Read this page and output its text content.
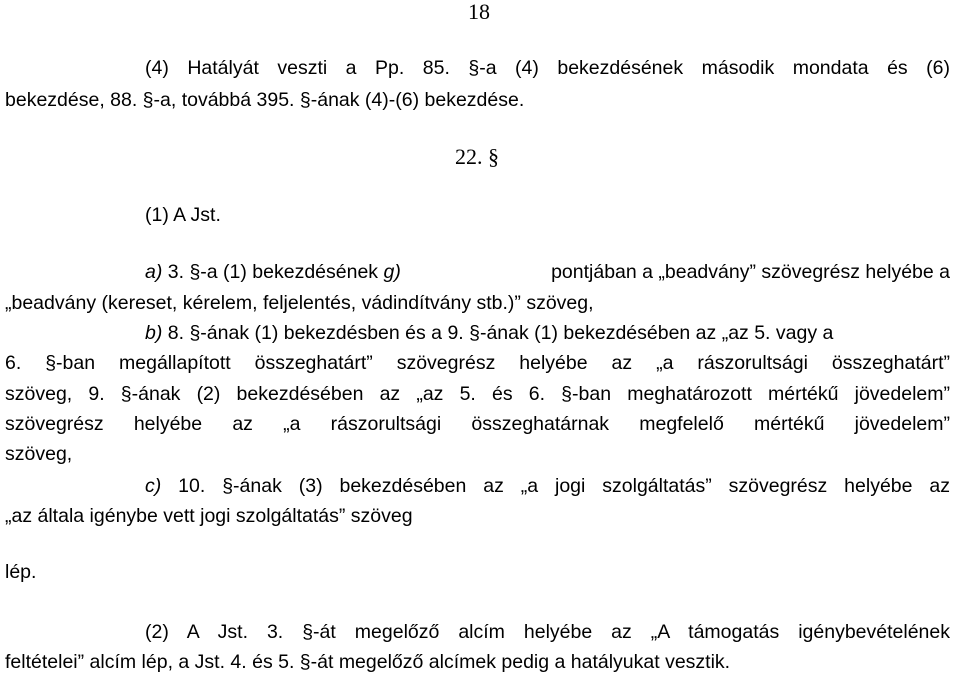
18
(4) Hatályát veszti a Pp. 85. §-a (4) bekezdésének második mondata és (6)
bekezdése, 88. §-a, továbbá 395. §-ának (4)-(6) bekezdése.
22. §
(1) A Jst.
a) 3. §-a (1) bekezdésének g)	pontjában a „beadvány” szövegrész helyébe a
„beadvány (kereset, kérelem, feljelentés, vádindítvány stb.)” szöveg,
b) 8. §-ának (1) bekezdésben és a 9. §-ának (1) bekezdésében az „az 5. vagy a
6. §-ban megállapított összeghatárt” szövegrész helyébe az „a rászorultsági összeghatárt”
szöveg, 9. §-ának (2) bekezdésében az „az 5. és 6. §-ban meghatározott mértékű jövedelem”
szövegrész helyébe az „a rászorultsági összeghatárnak megfelelő mértékű jövedelem”
szöveg,
c) 10. §-ának (3) bekezdésében az „a jogi szolgáltatás” szövegrész helyébe az
„az általa igénybe vett jogi szolgáltatás” szöveg
lép.
(2) A Jst. 3. §-át megelőző alcím helyébe az „A támogatás igénybevételének
feltételei” alcím lép, a Jst. 4. és 5. §-át megelőző alcímek pedig a hatályukat vesztik.
